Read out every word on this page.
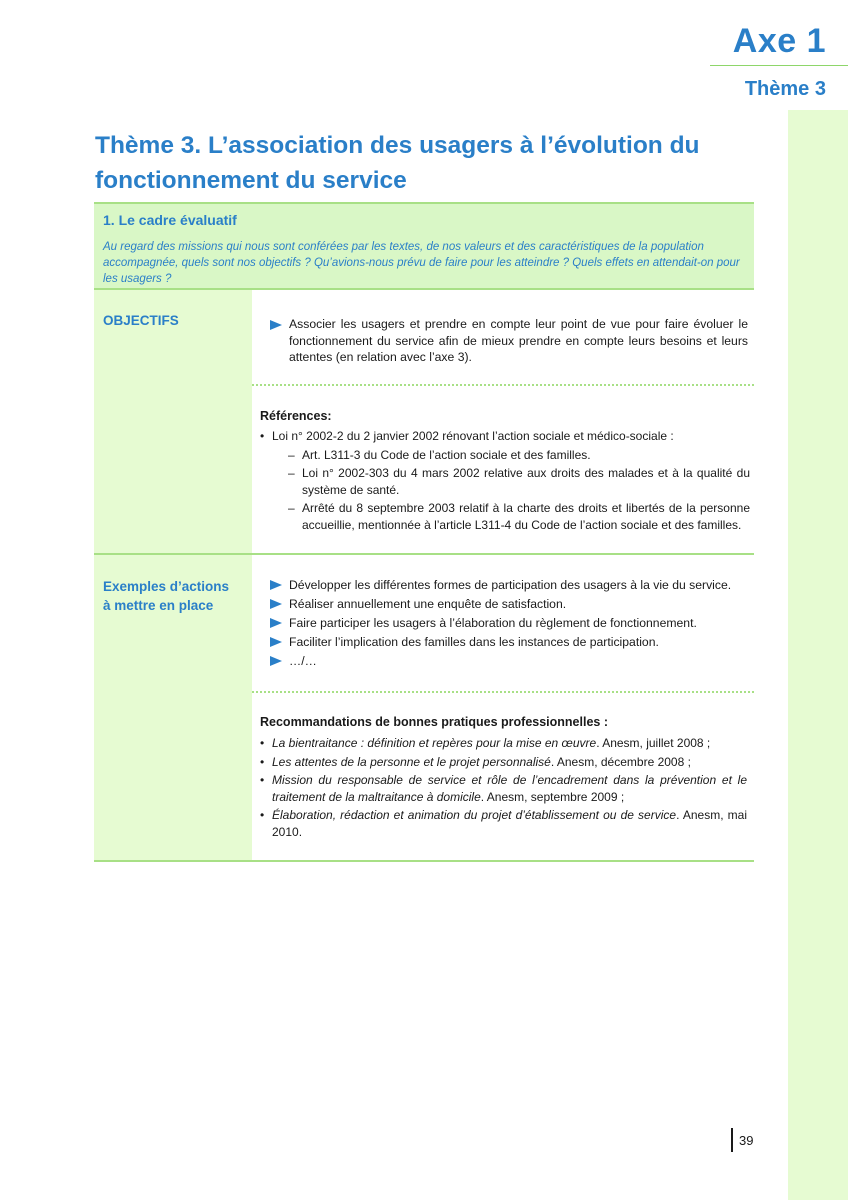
Axe 1
Thème 3
Thème 3. L’association des usagers à l’évolution du fonctionnement du service
1. Le cadre évaluatif
Au regard des missions qui nous sont conférées par les textes, de nos valeurs et des caractéristiques de la population accompagnée, quels sont nos objectifs ? Qu’avions-nous prévu de faire pour les atteindre ? Quels effets en attendait-on pour les usagers ?
OBJECTIFS	Associer les usagers et prendre en compte leur point de vue pour faire évoluer le fonctionnement du service afin de mieux prendre en compte leurs besoins et leurs attentes (en relation avec l’axe 3).
Références:
• Loi n° 2002-2 du 2 janvier 2002 rénovant l’action sociale et médico-sociale :
– Art. L311-3 du Code de l’action sociale et des familles.
– Loi n° 2002-303 du 4 mars 2002 relative aux droits des malades et à la qualité du système de santé.
– Arrêté du 8 septembre 2003 relatif à la charte des droits et libertés de la personne accueillie, mentionnée à l’article L311-4 du Code de l’action sociale et des familles.
Exemples d’actions
à mettre en place
Développer les différentes formes de participation des usagers à la vie du service.
Réaliser annuellement une enquête de satisfaction.
Faire participer les usagers à l’élaboration du règlement de fonctionnement.
Faciliter l’implication des familles dans les instances de participation.
…/…
Recommandations de bonnes pratiques professionnelles :
• La bientraitance : définition et repères pour la mise en œuvre. Anesm, juillet 2008 ;
• Les attentes de la personne et le projet personnalisé. Anesm, décembre 2008 ;
• Mission du responsable de service et rôle de l’encadrement dans la prévention et le traitement de la maltraitance à domicile. Anesm, septembre 2009 ;
• Élaboration, rédaction et animation du projet d’établissement ou de service. Anesm, mai 2010.
39
